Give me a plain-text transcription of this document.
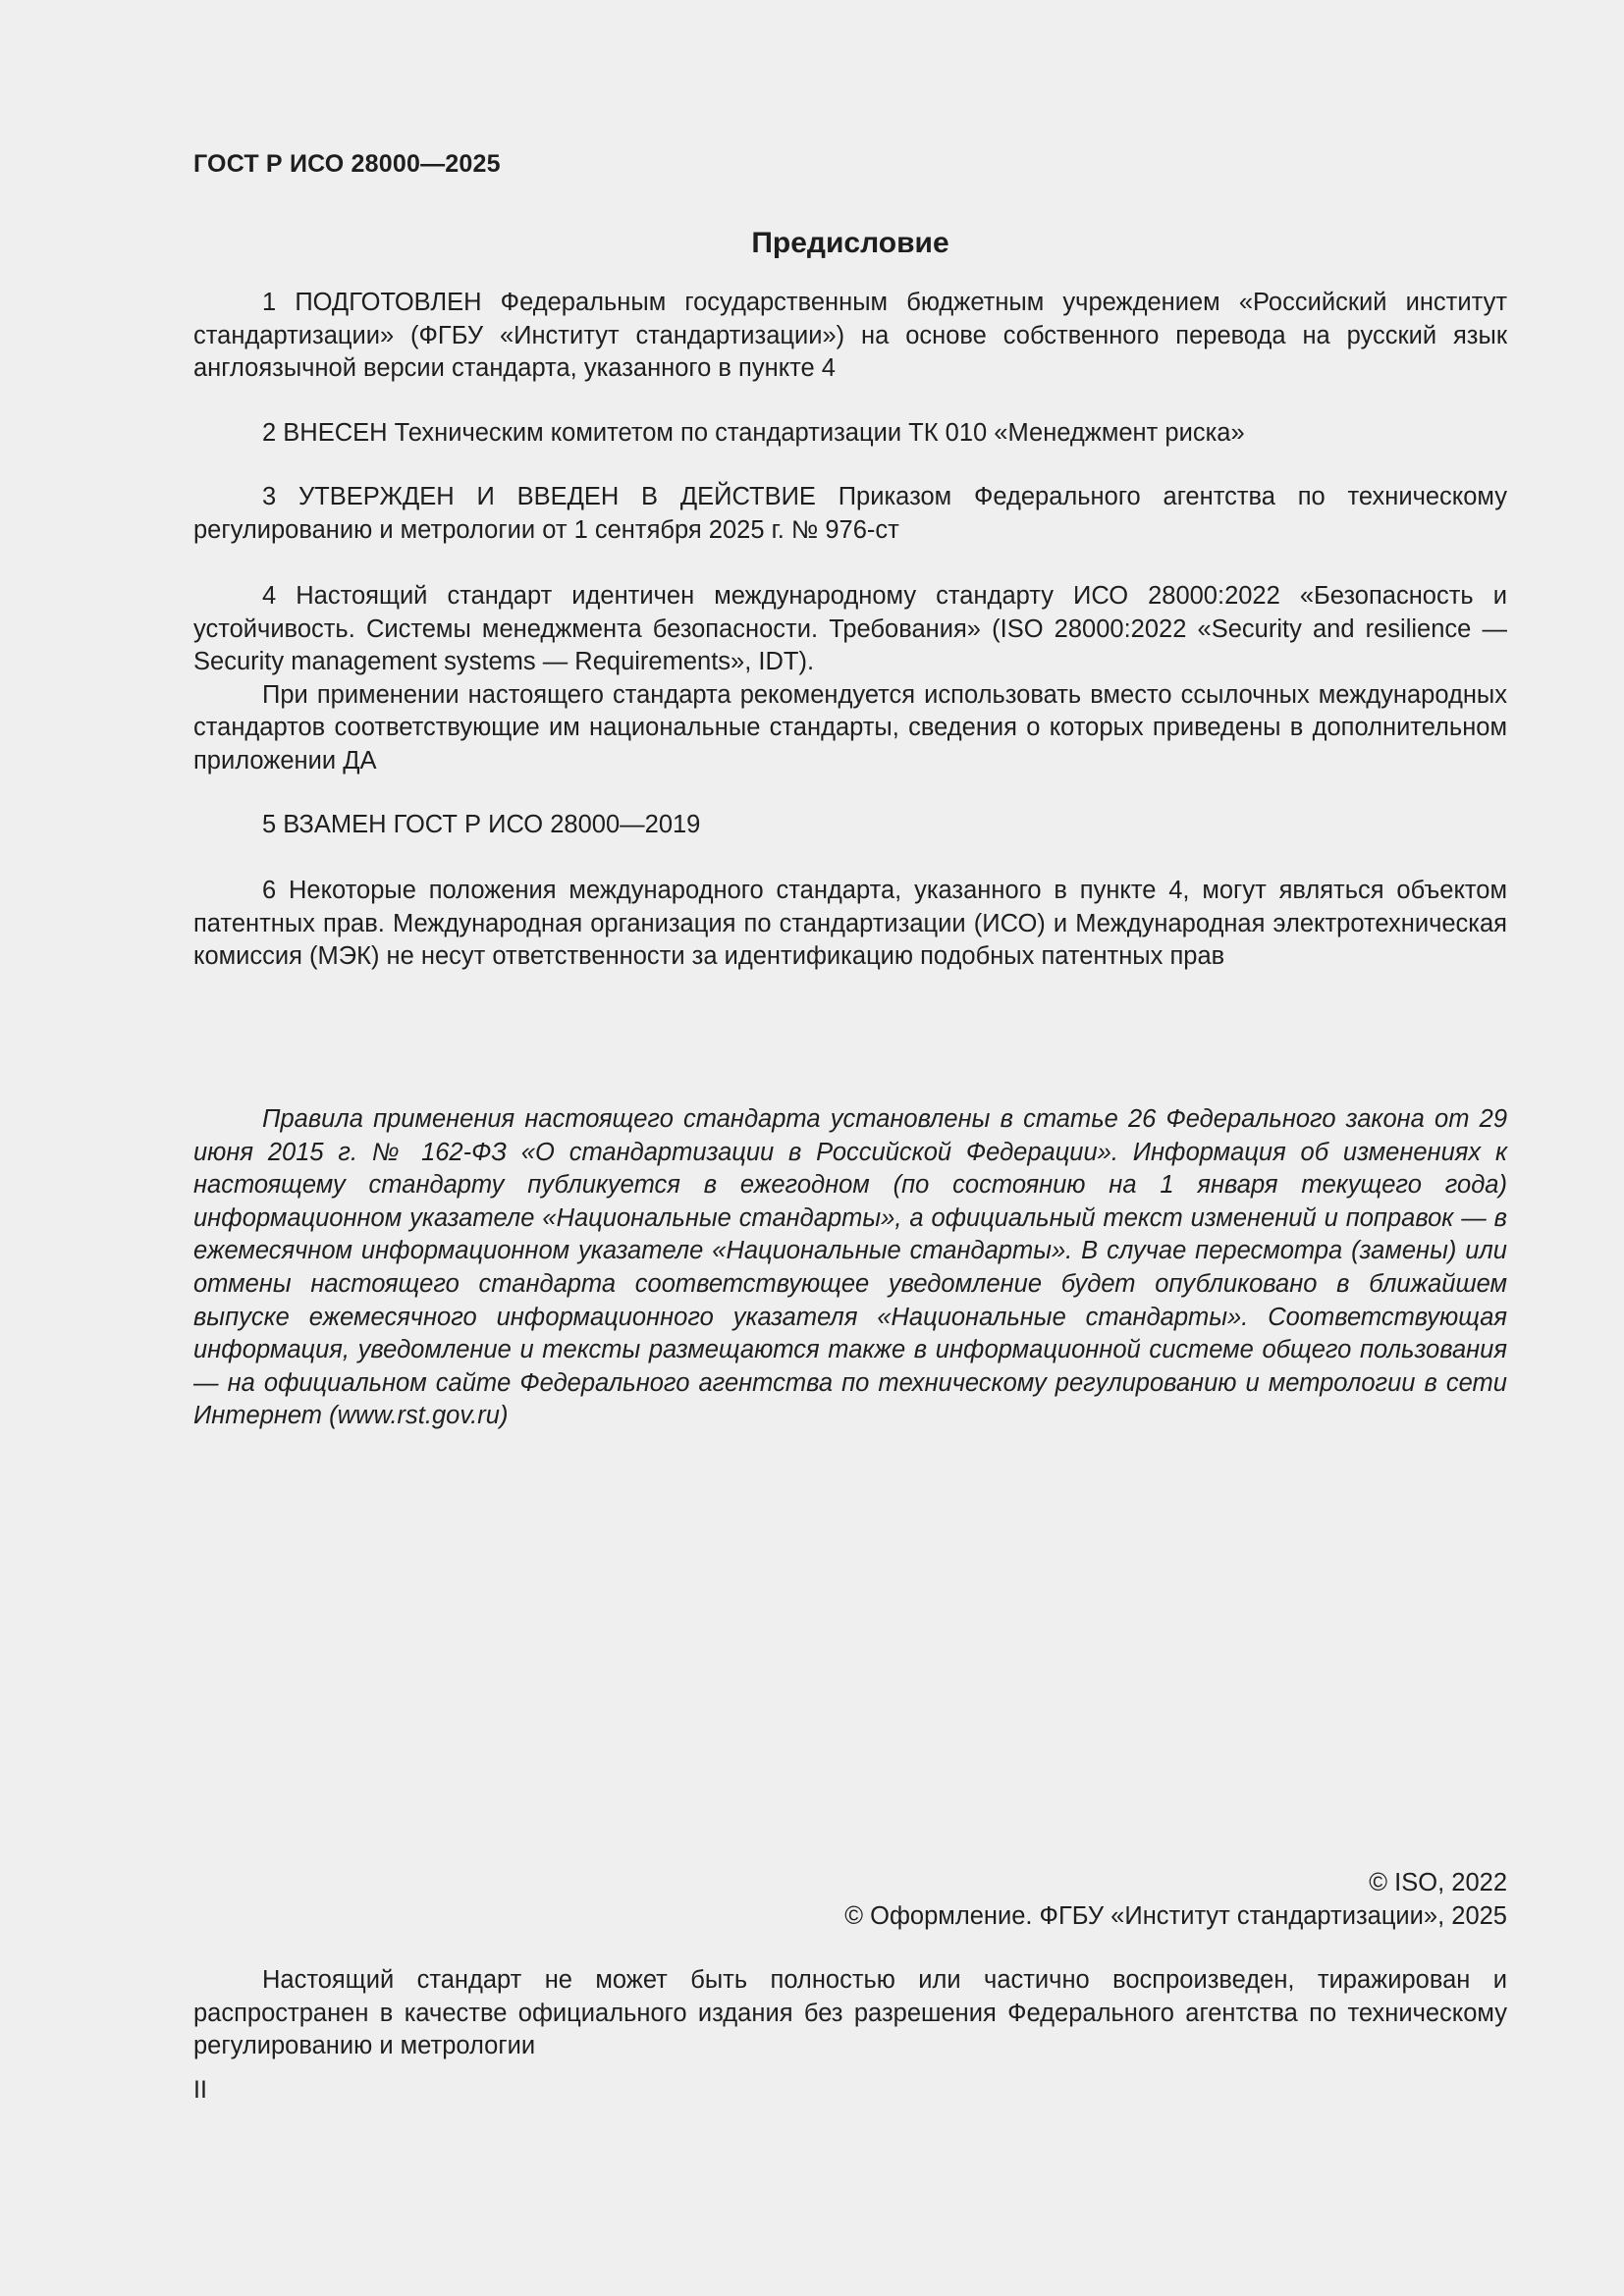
ГОСТ Р ИСО 28000—2025
Предисловие

1 ПОДГОТОВЛЕН Федеральным государственным бюджетным учреждением «Российский институт стандартизации» (ФГБУ «Институт стандартизации») на основе собственного перевода на русский язык англоязычной версии стандарта, указанного в пункте 4

2 ВНЕСЕН Техническим комитетом по стандартизации ТК 010 «Менеджмент риска»

3 УТВЕРЖДЕН И ВВЕДЕН В ДЕЙСТВИЕ Приказом Федерального агентства по техническому регулированию и метрологии от 1 сентября 2025 г. № 976-ст

4 Настоящий стандарт идентичен международному стандарту ИСО 28000:2022 «Безопасность и устойчивость. Системы менеджмента безопасности. Требования» (ISO 28000:2022 «Security and resilience — Security management systems — Requirements», IDT).

При применении настоящего стандарта рекомендуется использовать вместо ссылочных международных стандартов соответствующие им национальные стандарты, сведения о которых приведены в дополнительном приложении ДА

5 ВЗАМЕН ГОСТ Р ИСО 28000—2019

6 Некоторые положения международного стандарта, указанного в пункте 4, могут являться объектом патентных прав. Международная организация по стандартизации (ИСО) и Международная электротехническая комиссия (МЭК) не несут ответственности за идентификацию подобных патентных прав

Правила применения настоящего стандарта установлены в статье 26 Федерального закона от 29 июня 2015 г. № 162-ФЗ «О стандартизации в Российской Федерации». Информация об изменениях к настоящему стандарту публикуется в ежегодном (по состоянию на 1 января текущего года) информационном указателе «Национальные стандарты», а официальный текст изменений и поправок — в ежемесячном информационном указателе «Национальные стандарты». В случае пересмотра (замены) или отмены настоящего стандарта соответствующее уведомление будет опубликовано в ближайшем выпуске ежемесячного информационного указателя «Национальные стандарты». Соответствующая информация, уведомление и тексты размещаются также в информационной системе общего пользования — на официальном сайте Федерального агентства по техническому регулированию и метрологии в сети Интернет (www.rst.gov.ru)

© ISO, 2022
© Оформление. ФГБУ «Институт стандартизации», 2025

Настоящий стандарт не может быть полностью или частично воспроизведен, тиражирован и распространен в качестве официального издания без разрешения Федерального агентства по техническому регулированию и метрологии

II
